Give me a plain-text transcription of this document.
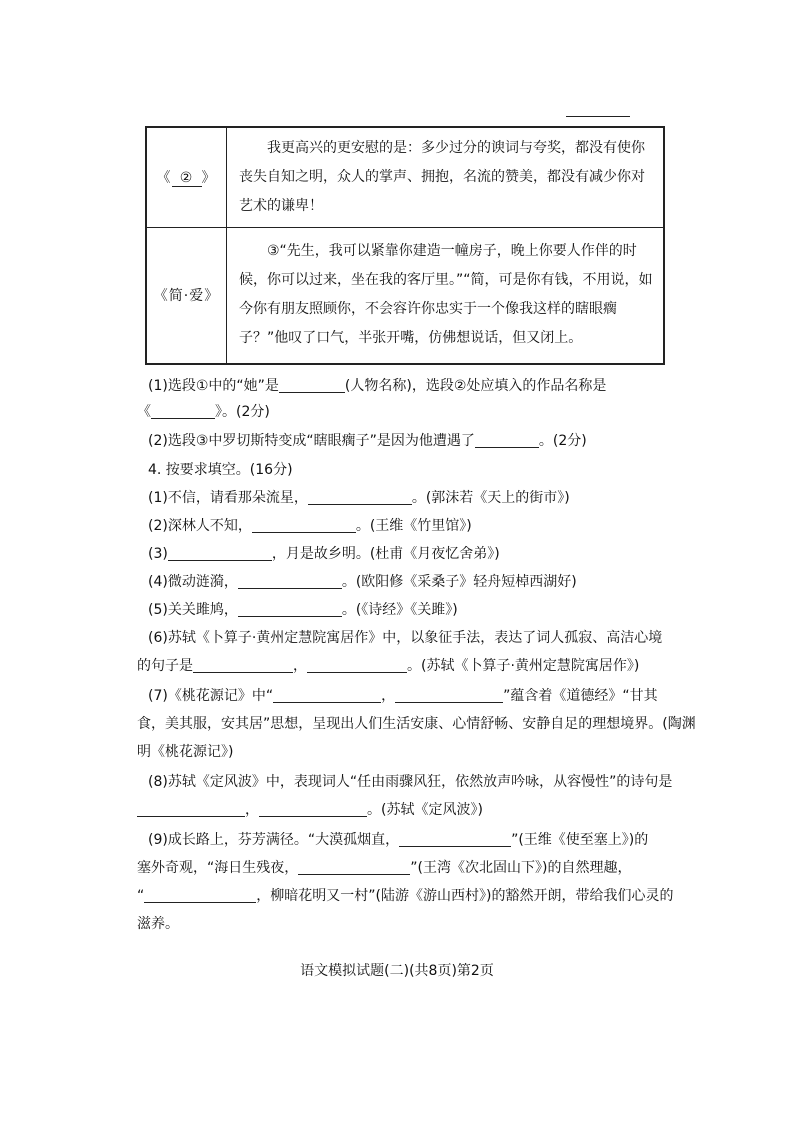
《 ② 》	我更高兴的更安慰的是：多少过分的谀词与夸奖，都没有使你丧失自知之明，众人的掌声、拥抱，名流的赞美，都没有减少你对艺术的谦卑！
《简·爱》	③“先生，我可以紧靠你建造一幢房子，晚上你要人作伴的时候，你可以过来，坐在我的客厅里。”“简，可是你有钱，不用说，如今你有朋友照顾你，不会容许你忠实于一个像我这样的瞎眼瘸子？”他叹了口气，半张开嘴，仿佛想说话，但又闭上。
(1)选段①中的“她”是	(人物名称)，选段②处应填入的作品名称是
《	》。(2分)
(2)选段③中罗切斯特变成“瞎眼瘸子”是因为他遭遇了	。(2分)
4. 按要求填空。(16分)
(1)不信，请看那朵流星，	。(郭沫若《天上的街市》)
(2)深林人不知，	。(王维《竹里馆》)
(3)	，月是故乡明。(杜甫《月夜忆舍弟》)
(4)微动涟漪，	。(欧阳修《采桑子》轻舟短棹西湖好)
(5)关关雎鸠，	。(《诗经》《关雎》)
(6)苏轼《卜算子·黄州定慧院寓居作》中，以象征手法，表达了词人孤寂、高洁心境
的句子是	，	。(苏轼《卜算子·黄州定慧院寓居作》)
(7)《桃花源记》中“	，	”蕴含着《道德经》“甘其
食，美其服，安其居”思想，呈现出人们生活安康、心情舒畅、安静自足的理想境界。(陶渊
明《桃花源记》)
(8)苏轼《定风波》中，表现词人“任由雨骤风狂，依然放声吟咏，从容慢性”的诗句是
，	。(苏轼《定风波》)
(9)成长路上，芬芳满径。“大漠孤烟直，	”(王维《使至塞上》)的
塞外奇观，“海日生残夜，	”(王湾《次北固山下》)的自然理趣，
“	，柳暗花明又一村”(陆游《游山西村》)的豁然开朗，带给我们心灵的
滋养。
语文模拟试题(二)(共8页)第2页
